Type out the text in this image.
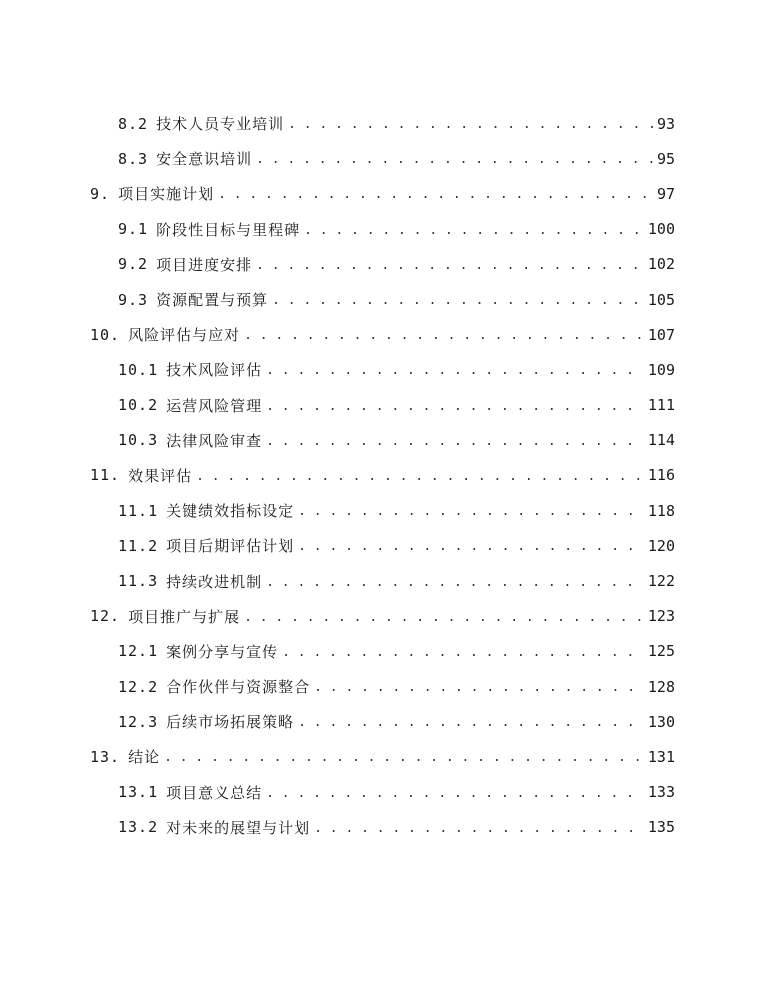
8.2 技术人员专业培训 . . .	93
8.3 安全意识培训 . . .	95
9. 项目实施计划 . . .	97
9.1 阶段性目标与里程碑 . . .	100
9.2 项目进度安排 . . .	102
9.3 资源配置与预算 . . .	105
10. 风险评估与应对 . . .	107
10.1 技术风险评估 . . .	109
10.2 运营风险管理 . . .	111
10.3 法律风险审查 . . .	114
11. 效果评估 . . .	116
11.1 关键绩效指标设定 . . .	118
11.2 项目后期评估计划 . . .	120
11.3 持续改进机制 . . .	122
12. 项目推广与扩展 . . .	123
12.1 案例分享与宣传 . . .	125
12.2 合作伙伴与资源整合 . . .	128
12.3 后续市场拓展策略 . . .	130
13. 结论 . . .	131
13.1 项目意义总结 . . .	133
13.2 对未来的展望与计划 . . .	135
